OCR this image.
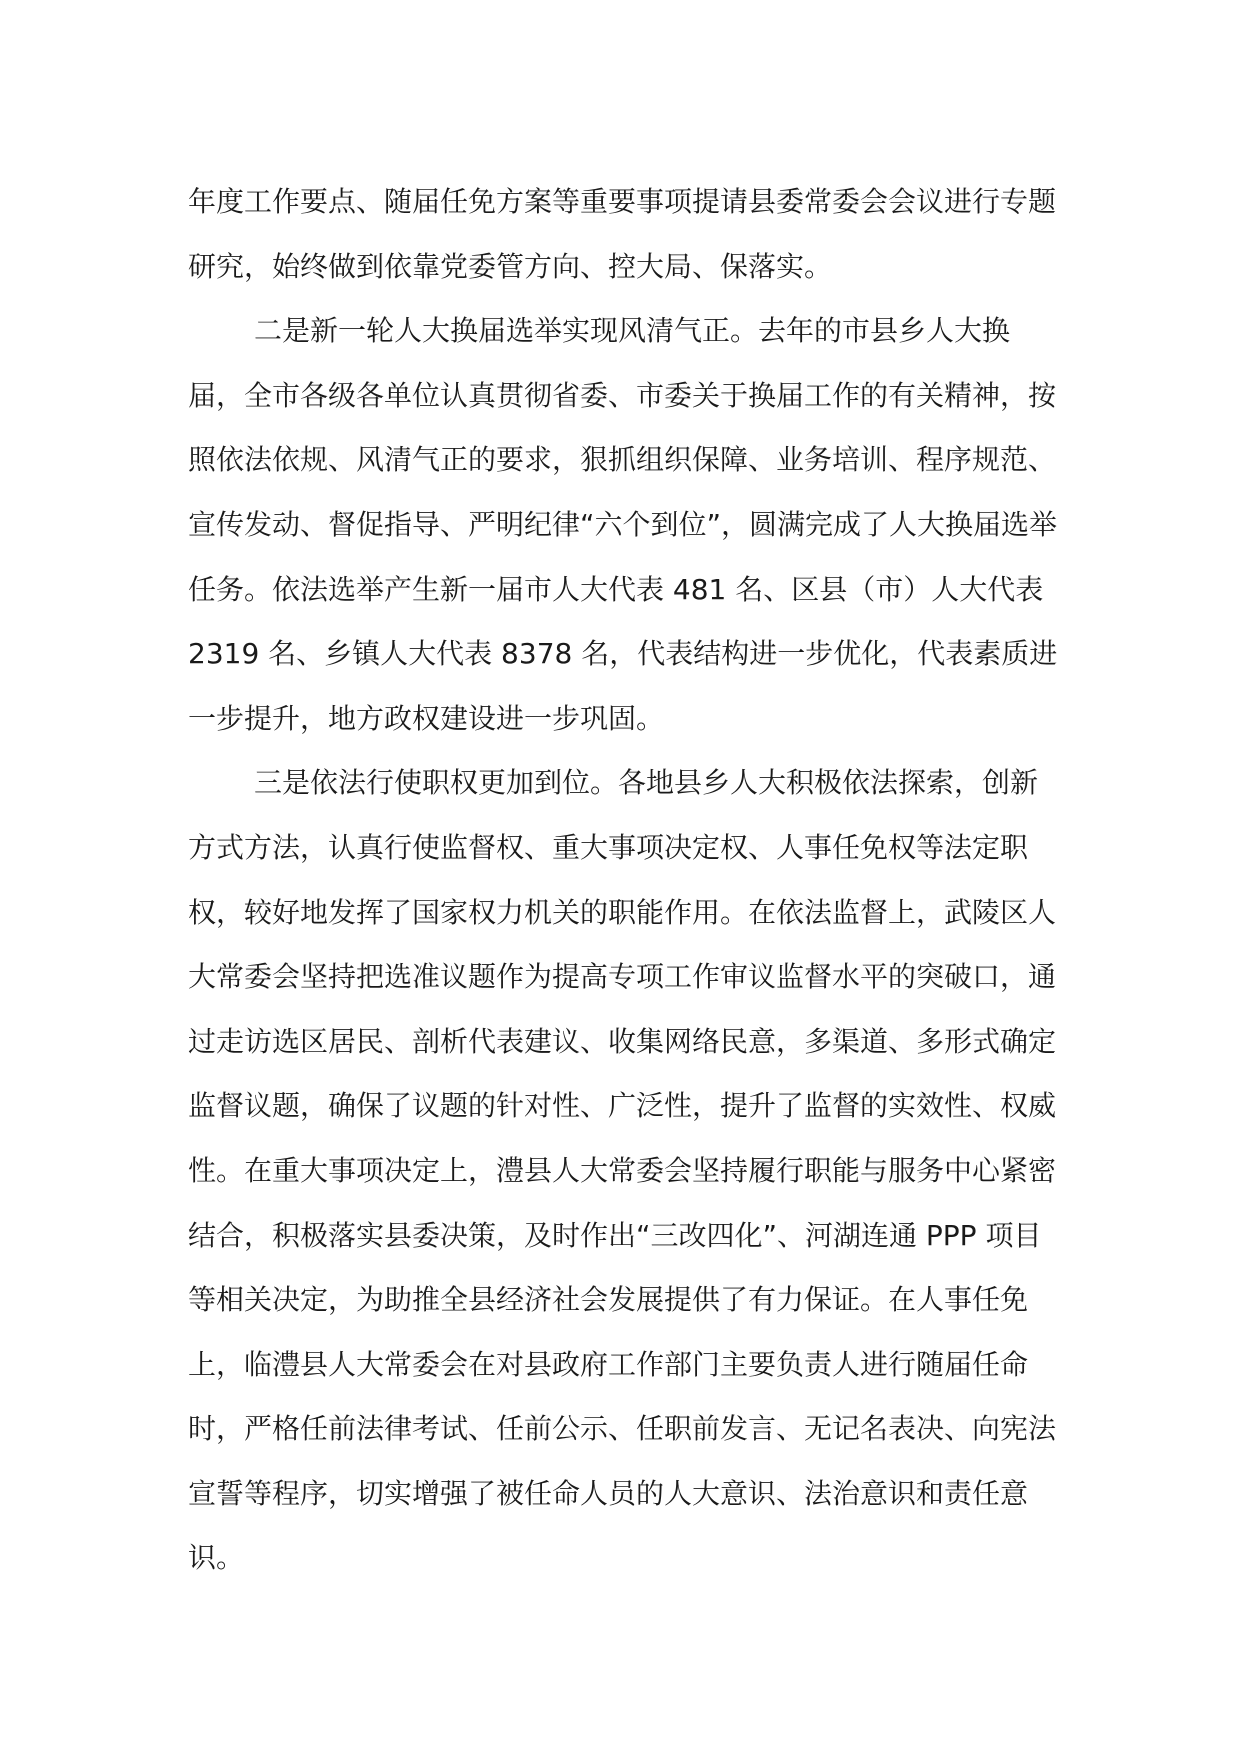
年度工作要点、随届任免方案等重要事项提请县委常委会会议进行专题研究，始终做到依靠党委管方向、控大局、保落实。

二是新一轮人大换届选举实现风清气正。去年的市县乡人大换届，全市各级各单位认真贯彻省委、市委关于换届工作的有关精神，按照依法依规、风清气正的要求，狠抓组织保障、业务培训、程序规范、宣传发动、督促指导、严明纪律“六个到位”，圆满完成了人大换届选举任务。依法选举产生新一届市人大代表 481 名、区县（市）人大代表 2319 名、乡镇人大代表 8378 名，代表结构进一步优化，代表素质进一步提升，地方政权建设进一步巩固。

三是依法行使职权更加到位。各地县乡人大积极依法探索，创新方式方法，认真行使监督权、重大事项决定权、人事任免权等法定职权，较好地发挥了国家权力机关的职能作用。在依法监督上，武陵区人大常委会坚持把选准议题作为提高专项工作审议监督水平的突破口，通过走访选区居民、剖析代表建议、收集网络民意，多渠道、多形式确定监督议题，确保了议题的针对性、广泛性，提升了监督的实效性、权威性。在重大事项决定上，澧县人大常委会坚持履行职能与服务中心紧密结合，积极落实县委决策，及时作出“三改四化”、河湖连通 PPP 项目等相关决定，为助推全县经济社会发展提供了有力保证。在人事任免上，临澧县人大常委会在对县政府工作部门主要负责人进行随届任命时，严格任前法律考试、任前公示、任职前发言、无记名表决、向宪法宣誓等程序，切实增强了被任命人员的人大意识、法治意识和责任意识。
